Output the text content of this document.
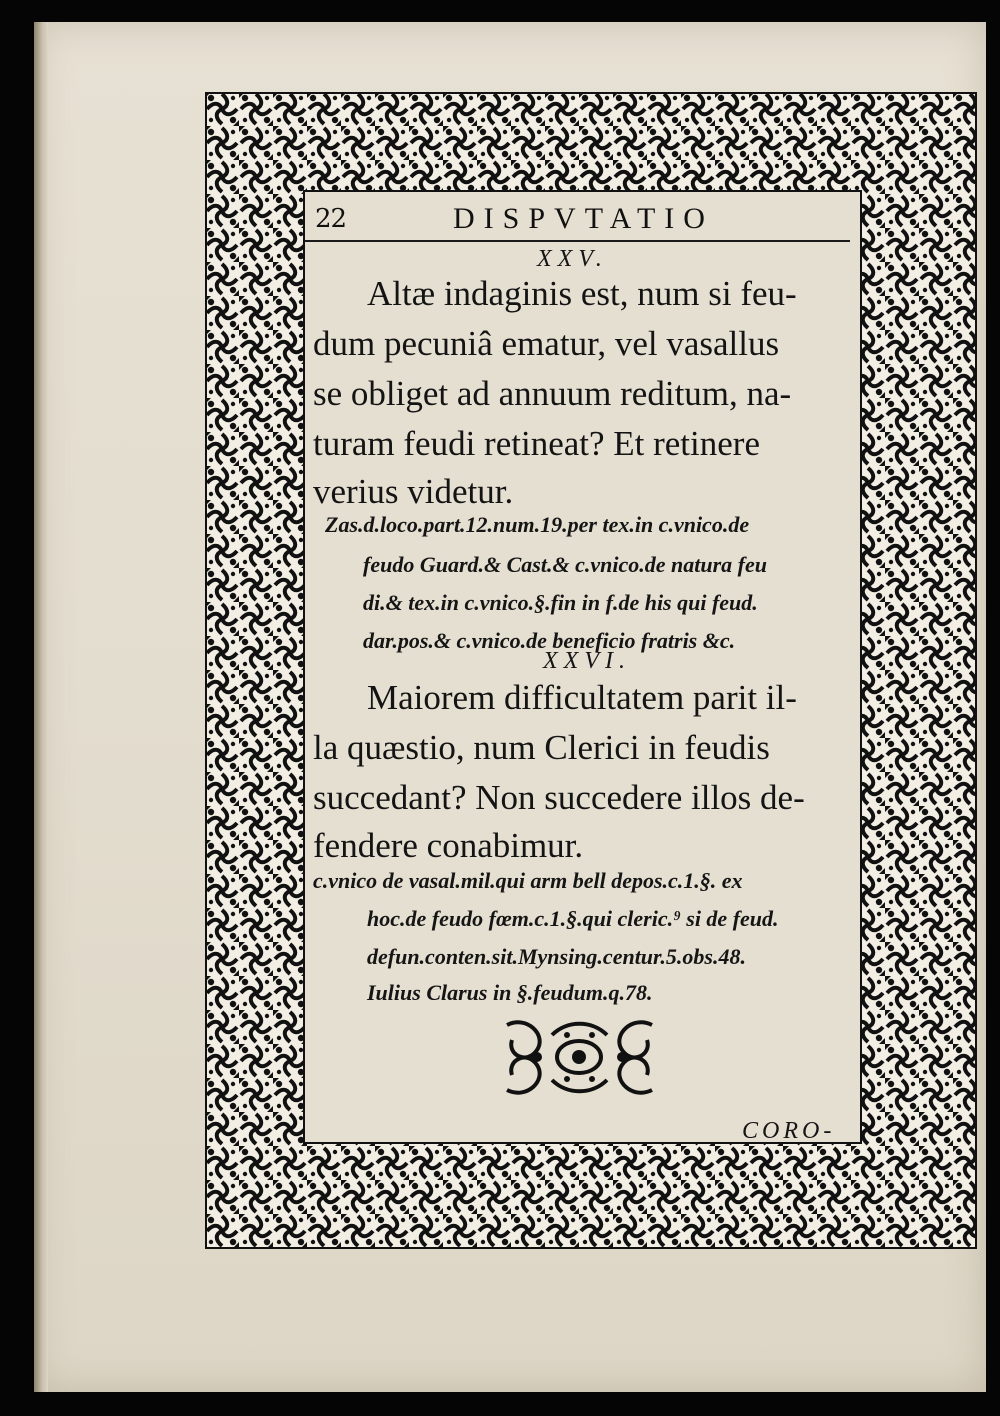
22	DISPVTATIO
XXV.
Altæ indaginis est, num si feu-
dum pecuniâ ematur, vel vasallus
se obliget ad annuum reditum, na-
turam feudi retineat? Et retinere
verius videtur.
Zas.d.loco.part.12.num.19.per tex.in c.vnico.de
feudo Guard.& Cast.& c.vnico.de natura feu
di.& tex.in c.vnico.§.fin in f.de his qui feud.
dar.pos.& c.vnico.de beneficio fratris &c.
XXVI.
Maiorem difficultatem parit il-
la quæstio, num Clerici in feudis
succedant? Non succedere illos de-
fendere conabimur.
c.vnico de vasal.mil.qui arm bell depos.c.1.§. ex
hoc.de feudo fœm.c.1.§.qui cleric.⁹ si de feud.
defun.conten.sit.Mynsing.centur.5.obs.48.
Iulius Clarus in §.feudum.q.78.
CORO-
